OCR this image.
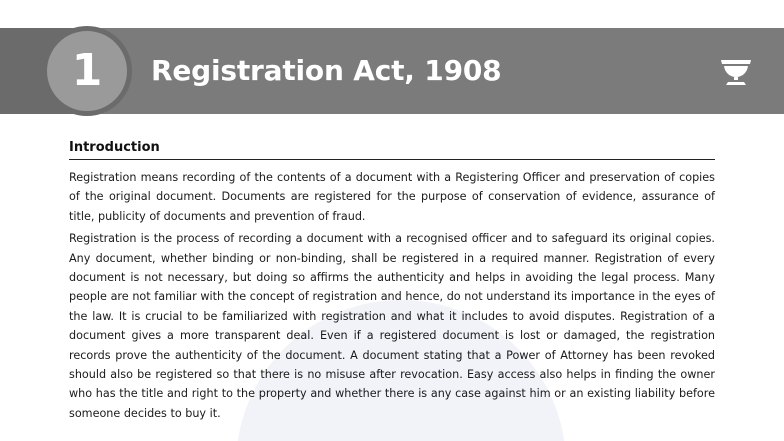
1 Registration Act, 1908
Introduction

Registration means recording of the contents of a document with a Registering Officer and preservation of copies of the original document. Documents are registered for the purpose of conservation of evidence, assurance of title, publicity of documents and prevention of fraud.

Registration is the process of recording a document with a recognised officer and to safeguard its original copies. Any document, whether binding or non-binding, shall be registered in a required manner. Registration of every document is not necessary, but doing so affirms the authenticity and helps in avoiding the legal process. Many people are not familiar with the concept of registration and hence, do not understand its importance in the eyes of the law. It is crucial to be familiarized with registration and what it includes to avoid disputes. Registration of a document gives a more transparent deal. Even if a registered document is lost or damaged, the registration records prove the authenticity of the document. A document stating that a Power of Attorney has been revoked should also be registered so that there is no misuse after revocation. Easy access also helps in finding the owner who has the title and right to the property and whether there is any case against him or an existing liability before someone decides to buy it.
